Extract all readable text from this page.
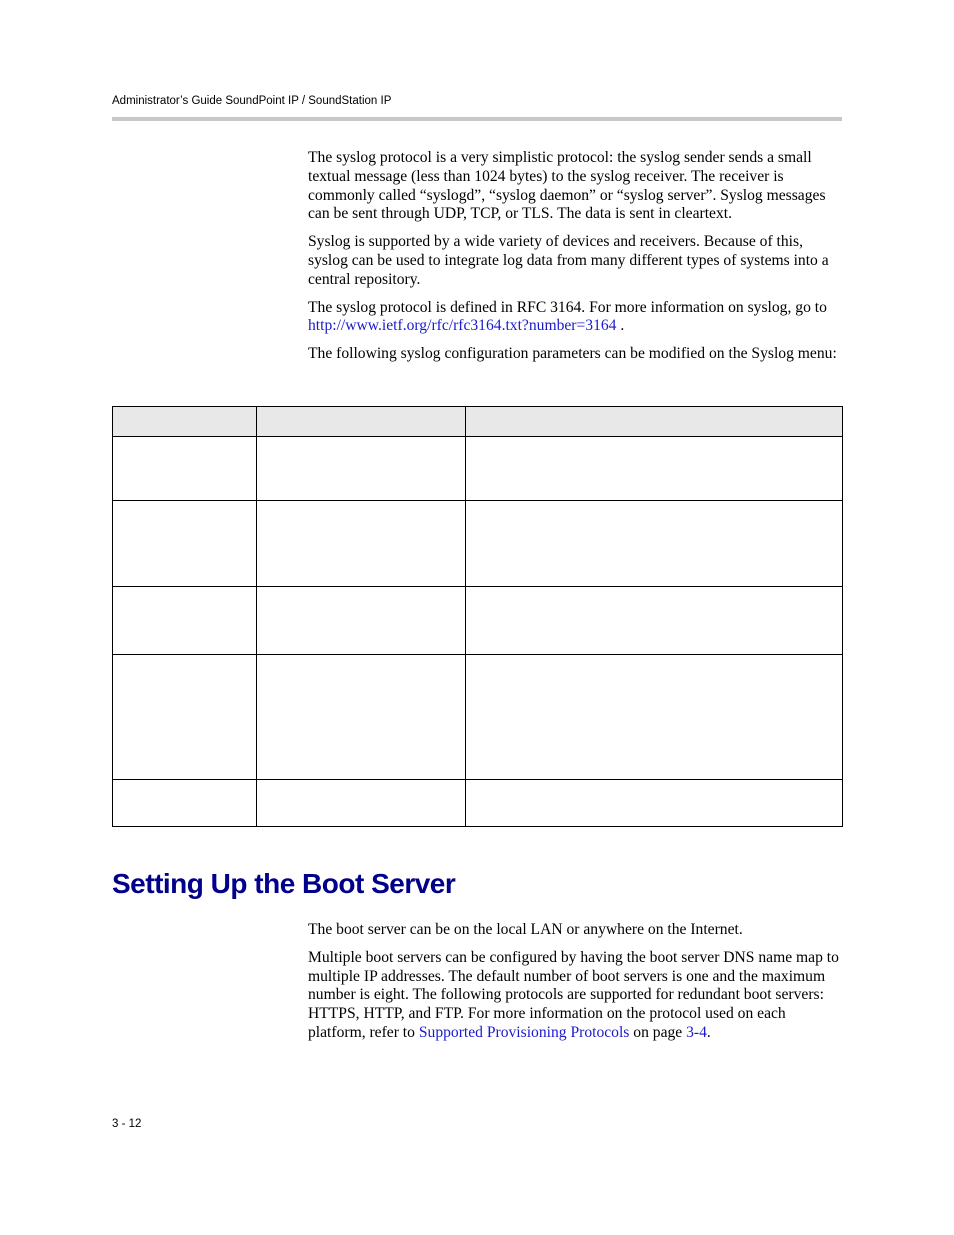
Administrator’s Guide SoundPoint IP / SoundStation IP

The syslog protocol is a very simplistic protocol: the syslog sender sends a small textual message (less than 1024 bytes) to the syslog receiver. The receiver is commonly called “syslogd”, “syslog daemon” or “syslog server”. Syslog messages can be sent through UDP, TCP, or TLS. The data is sent in cleartext.

Syslog is supported by a wide variety of devices and receivers. Because of this, syslog can be used to integrate log data from many different types of systems into a central repository.

The syslog protocol is defined in RFC 3164. For more information on syslog, go to http://www.ietf.org/rfc/rfc3164.txt?number=3164 .

The following syslog configuration parameters can be modified on the Syslog menu:

Setting Up the Boot Server

The boot server can be on the local LAN or anywhere on the Internet.

Multiple boot servers can be configured by having the boot server DNS name map to multiple IP addresses. The default number of boot servers is one and the maximum number is eight. The following protocols are supported for redundant boot servers: HTTPS, HTTP, and FTP. For more information on the protocol used on each platform, refer to Supported Provisioning Protocols on page 3-4.

3 - 12
